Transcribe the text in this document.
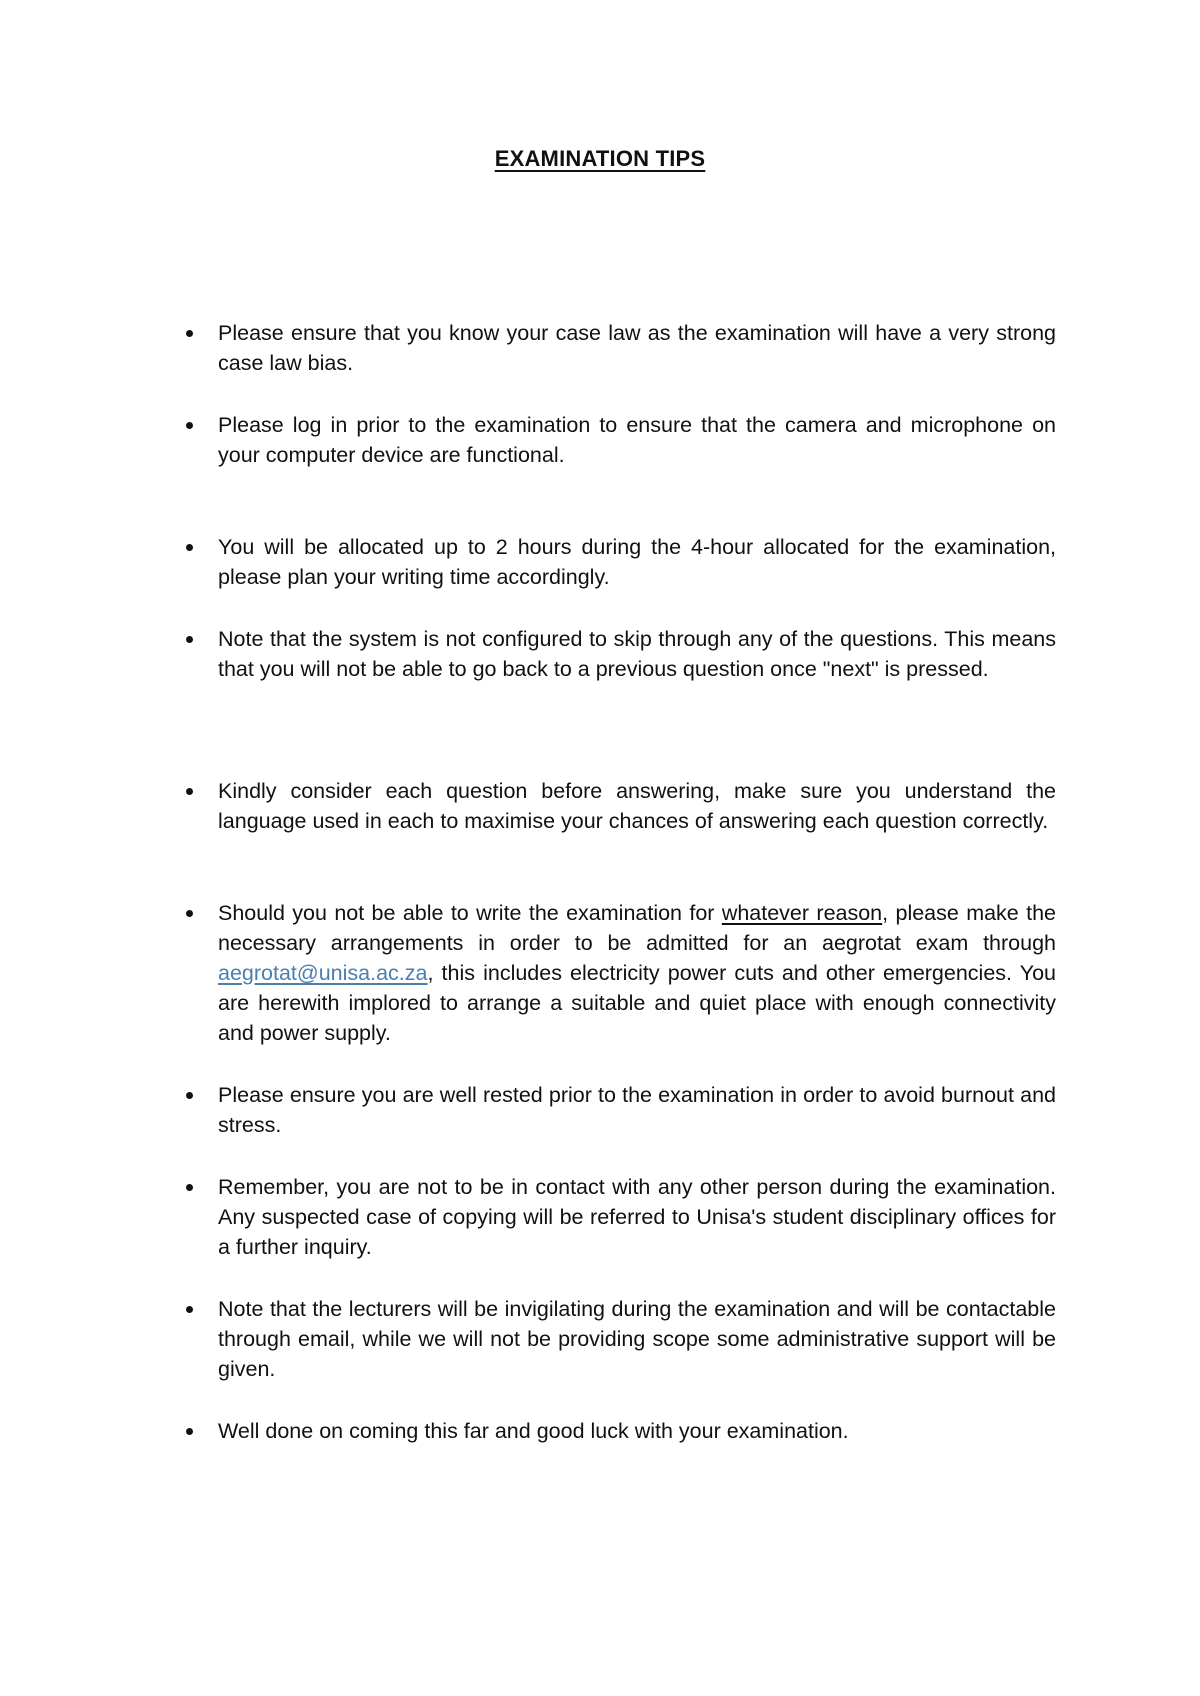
EXAMINATION TIPS
Please ensure that you know your case law as the examination will have a very strong case law bias.
Please log in prior to the examination to ensure that the camera and microphone on your computer device are functional.
You will be allocated up to 2 hours during the 4-hour allocated for the examination, please plan your writing time accordingly.
Note that the system is not configured to skip through any of the questions. This means that you will not be able to go back to a previous question once "next" is pressed.
Kindly consider each question before answering, make sure you understand the language used in each to maximise your chances of answering each question correctly.
Should you not be able to write the examination for whatever reason, please make the necessary arrangements in order to be admitted for an aegrotat exam through aegrotat@unisa.ac.za, this includes electricity power cuts and other emergencies. You are herewith implored to arrange a suitable and quiet place with enough connectivity and power supply.
Please ensure you are well rested prior to the examination in order to avoid burnout and stress.
Remember, you are not to be in contact with any other person during the examination. Any suspected case of copying will be referred to Unisa's student disciplinary offices for a further inquiry.
Note that the lecturers will be invigilating during the examination and will be contactable through email, while we will not be providing scope some administrative support will be given.
Well done on coming this far and good luck with your examination.
